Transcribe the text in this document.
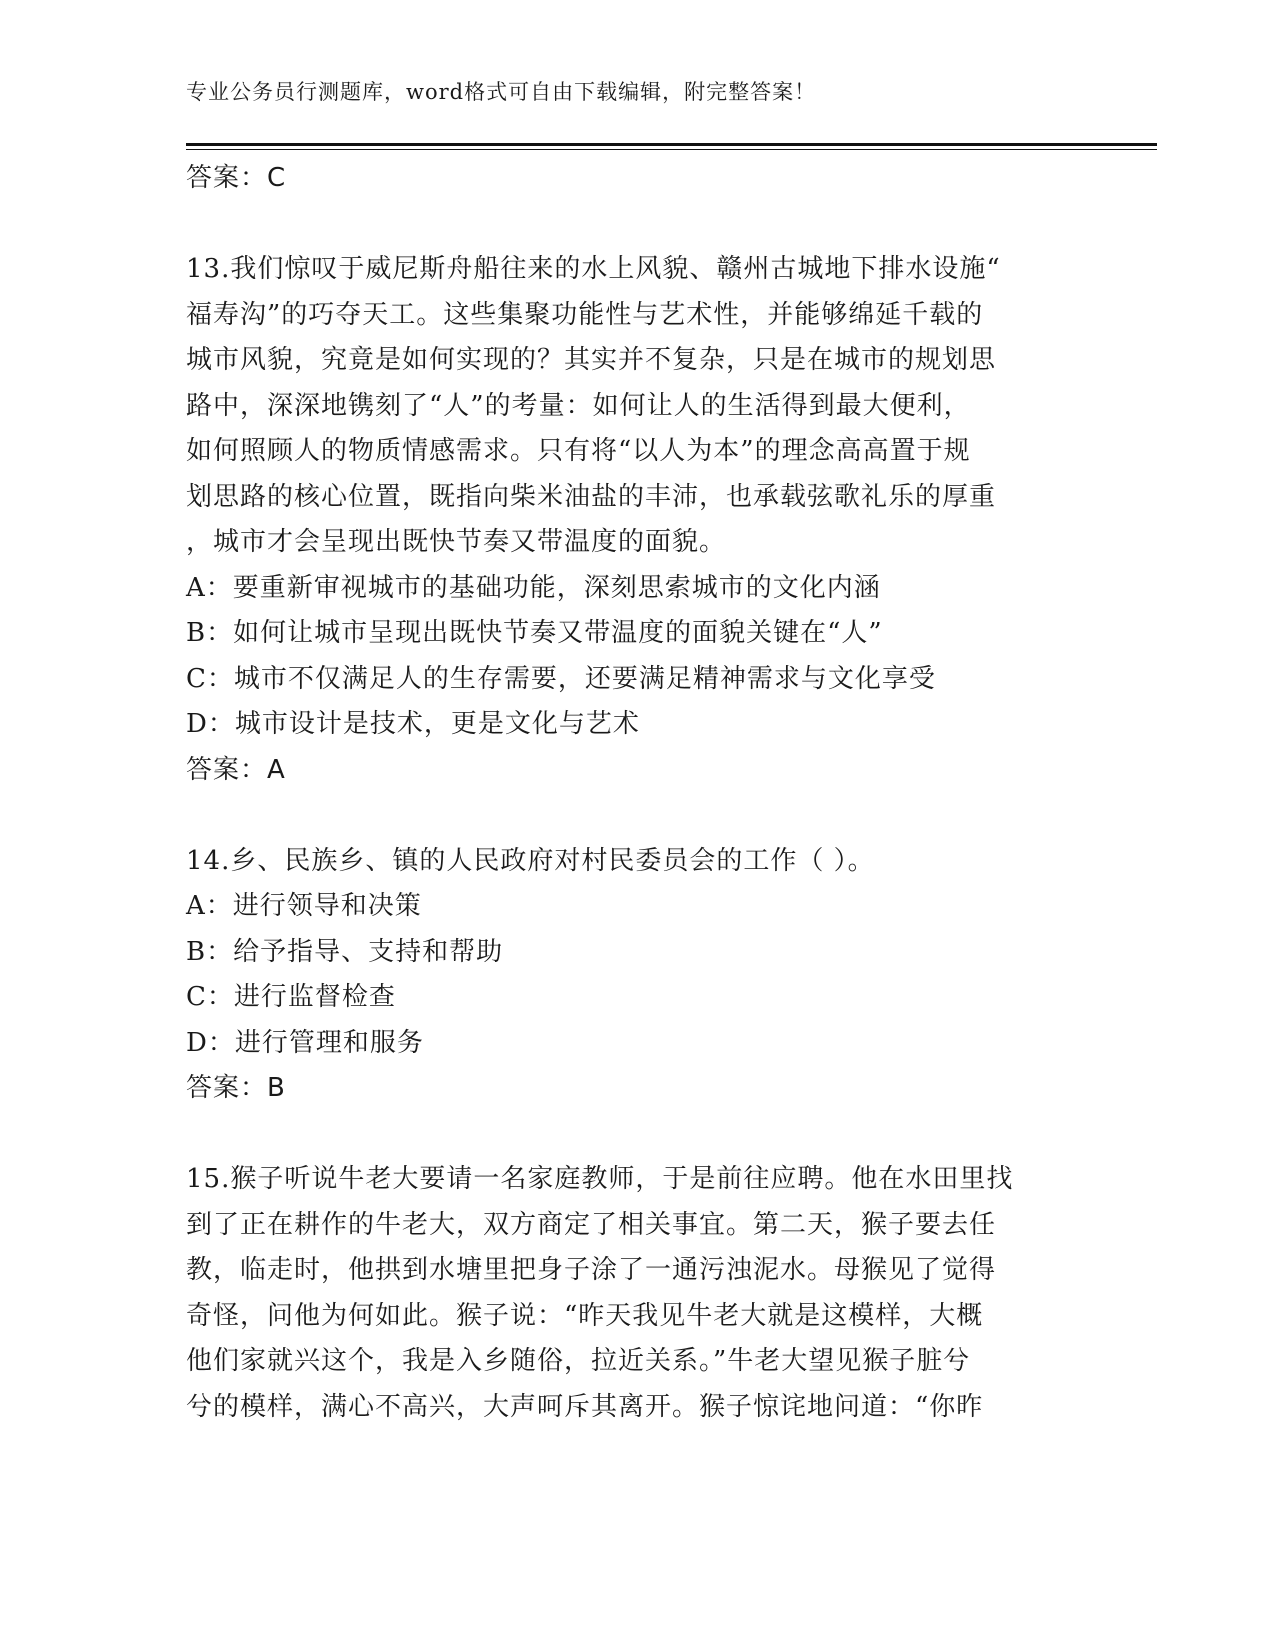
专业公务员行测题库，word格式可自由下载编辑，附完整答案！
答案：C
13.我们惊叹于威尼斯舟船往来的水上风貌、赣州古城地下排水设施“
福寿沟”的巧夺天工。这些集聚功能性与艺术性，并能够绵延千载的
城市风貌，究竟是如何实现的？其实并不复杂，只是在城市的规划思
路中，深深地镌刻了“人”的考量：如何让人的生活得到最大便利，
如何照顾人的物质情感需求。只有将“以人为本”的理念高高置于规
划思路的核心位置，既指向柴米油盐的丰沛，也承载弦歌礼乐的厚重
，城市才会呈现出既快节奏又带温度的面貌。
A：要重新审视城市的基础功能，深刻思索城市的文化内涵
B：如何让城市呈现出既快节奏又带温度的面貌关键在“人”
C：城市不仅满足人的生存需要，还要满足精神需求与文化享受
D：城市设计是技术，更是文化与艺术
答案：A
14.乡、民族乡、镇的人民政府对村民委员会的工作（ ）。
A：进行领导和决策
B：给予指导、支持和帮助
C：进行监督检查
D：进行管理和服务
答案：B
15.猴子听说牛老大要请一名家庭教师，于是前往应聘。他在水田里找
到了正在耕作的牛老大，双方商定了相关事宜。第二天，猴子要去任
教，临走时，他拱到水塘里把身子涂了一通污浊泥水。母猴见了觉得
奇怪，问他为何如此。猴子说：“昨天我见牛老大就是这模样，大概
他们家就兴这个，我是入乡随俗，拉近关系。”牛老大望见猴子脏兮
兮的模样，满心不高兴，大声呵斥其离开。猴子惊诧地问道：“你昨
